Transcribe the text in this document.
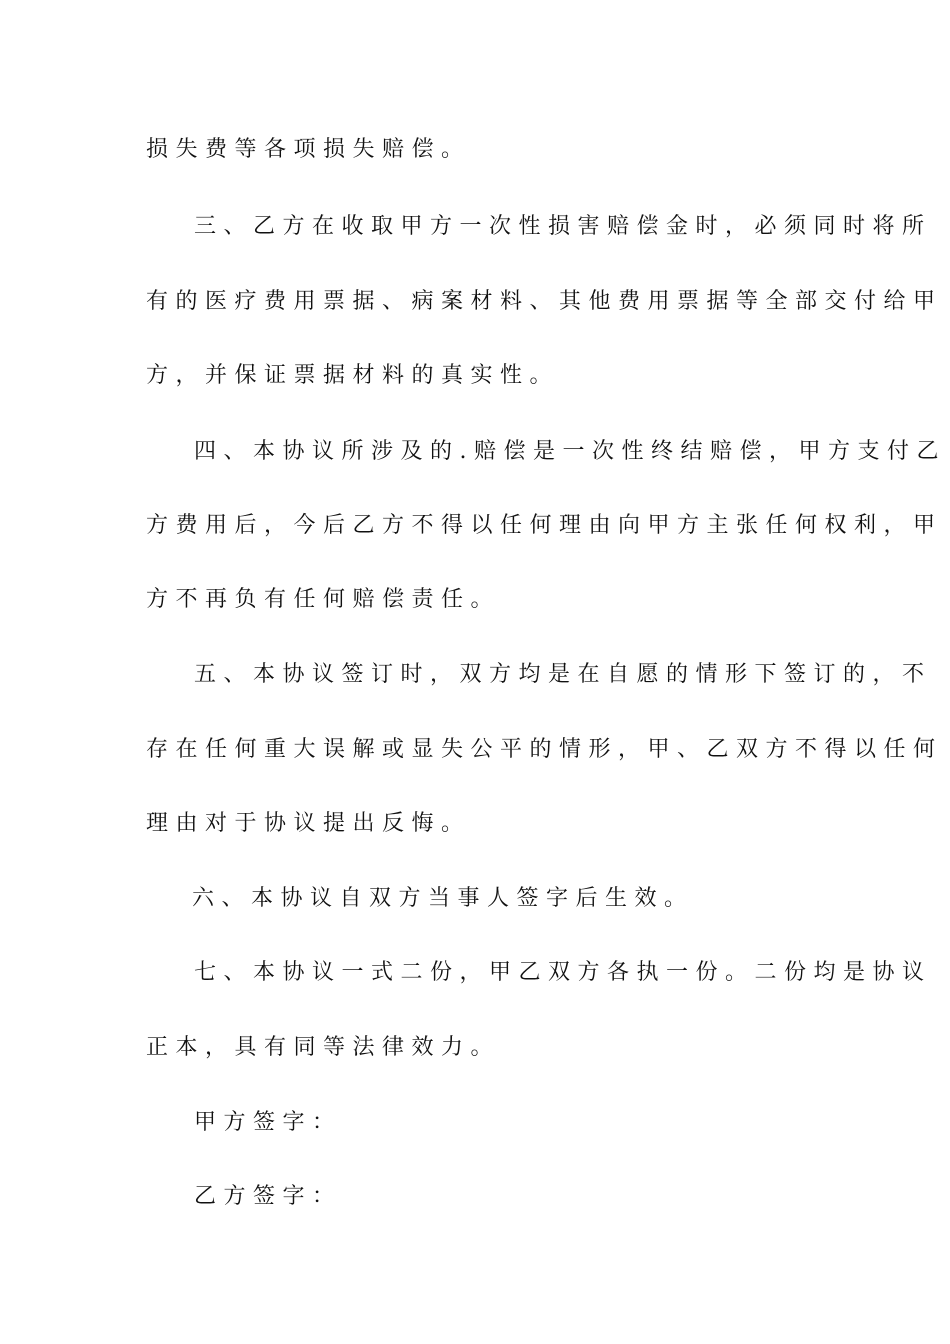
损失费等各项损失赔偿。
三、乙方在收取甲方一次性损害赔偿金时，必须同时将所
有的医疗费用票据、病案材料、其他费用票据等全部交付给甲
方，并保证票据材料的真实性。
四、本协议所涉及的.赔偿是一次性终结赔偿，甲方支付乙
方费用后，今后乙方不得以任何理由向甲方主张任何权利，甲
方不再负有任何赔偿责任。
五、本协议签订时，双方均是在自愿的情形下签订的，不
存在任何重大误解或显失公平的情形，甲、乙双方不得以任何
理由对于协议提出反悔。
六、本协议自双方当事人签字后生效。
七、本协议一式二份，甲乙双方各执一份。二份均是协议
正本，具有同等法律效力。
甲方签字：
乙方签字：
